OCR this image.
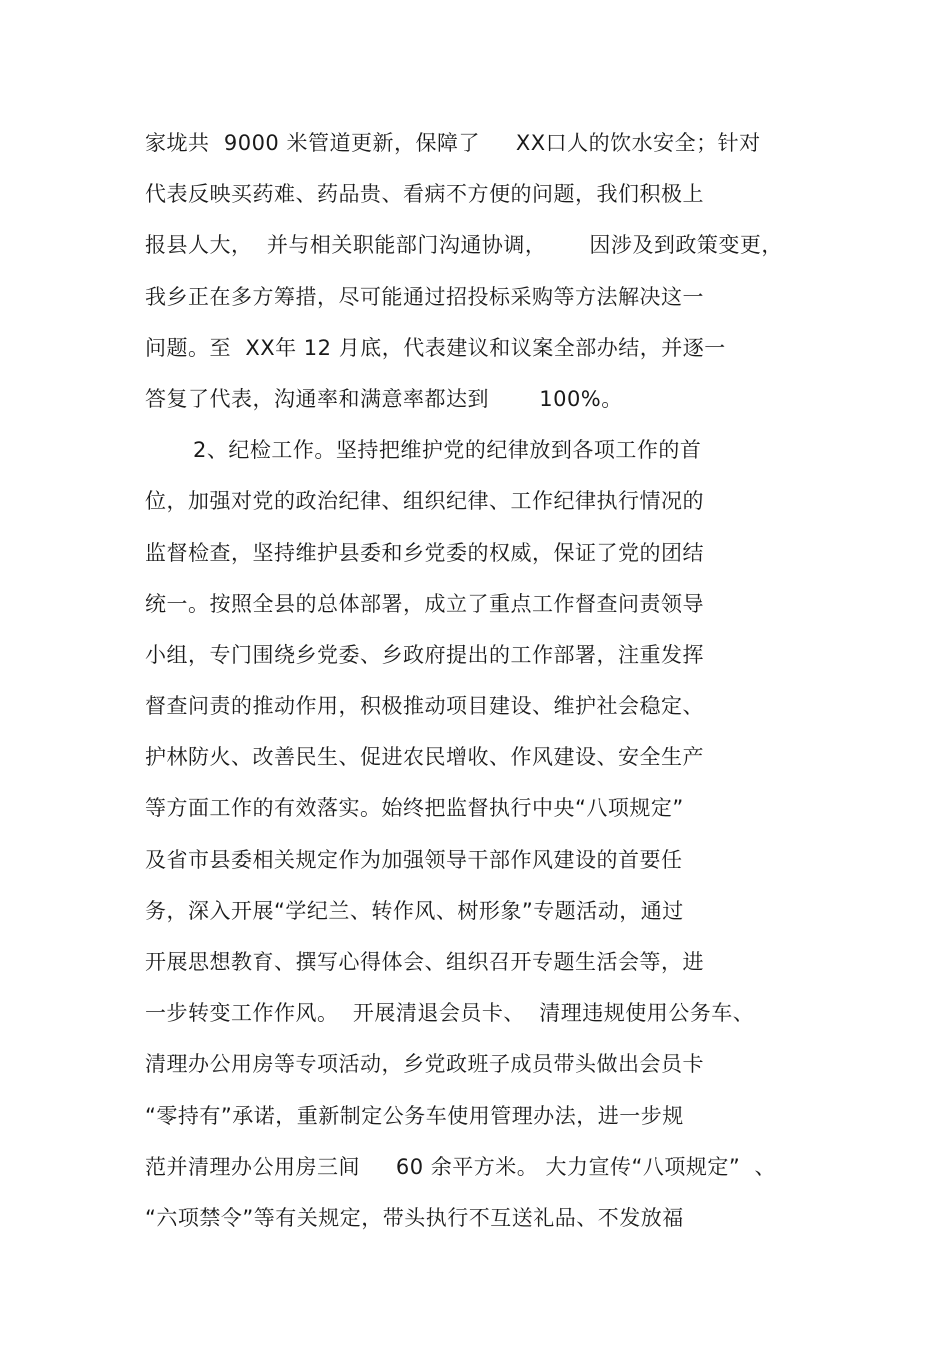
家垅共  9000 米管道更新，保障了     XX口人的饮水安全；针对
代表反映买药难、药品贵、看病不方便的问题，我们积极上
报县人大，  并与相关职能部门沟通协调，      因涉及到政策变更，
我乡正在多方筹措，尽可能通过招投标采购等方法解决这一
问题。至  XX年 12 月底，代表建议和议案全部办结，并逐一
答复了代表，沟通率和满意率都达到       100%。
2、纪检工作。坚持把维护党的纪律放到各项工作的首
位，加强对党的政治纪律、组织纪律、工作纪律执行情况的
监督检查，坚持维护县委和乡党委的权威，保证了党的团结
统一。按照全县的总体部署，成立了重点工作督查问责领导
小组，专门围绕乡党委、乡政府提出的工作部署，注重发挥
督查问责的推动作用，积极推动项目建设、维护社会稳定、
护林防火、改善民生、促进农民增收、作风建设、安全生产
等方面工作的有效落实。始终把监督执行中央“八项规定”
及省市县委相关规定作为加强领导干部作风建设的首要任
务，深入开展“学纪兰、转作风、树形象”专题活动，通过
开展思想教育、撰写心得体会、组织召开专题生活会等，进
一步转变工作作风。  开展清退会员卡、  清理违规使用公务车、
清理办公用房等专项活动，乡党政班子成员带头做出会员卡
“零持有”承诺，重新制定公务车使用管理办法，进一步规
范并清理办公用房三间     60 余平方米。 大力宣传“八项规定”  、
“六项禁令”等有关规定，带头执行不互送礼品、不发放福
